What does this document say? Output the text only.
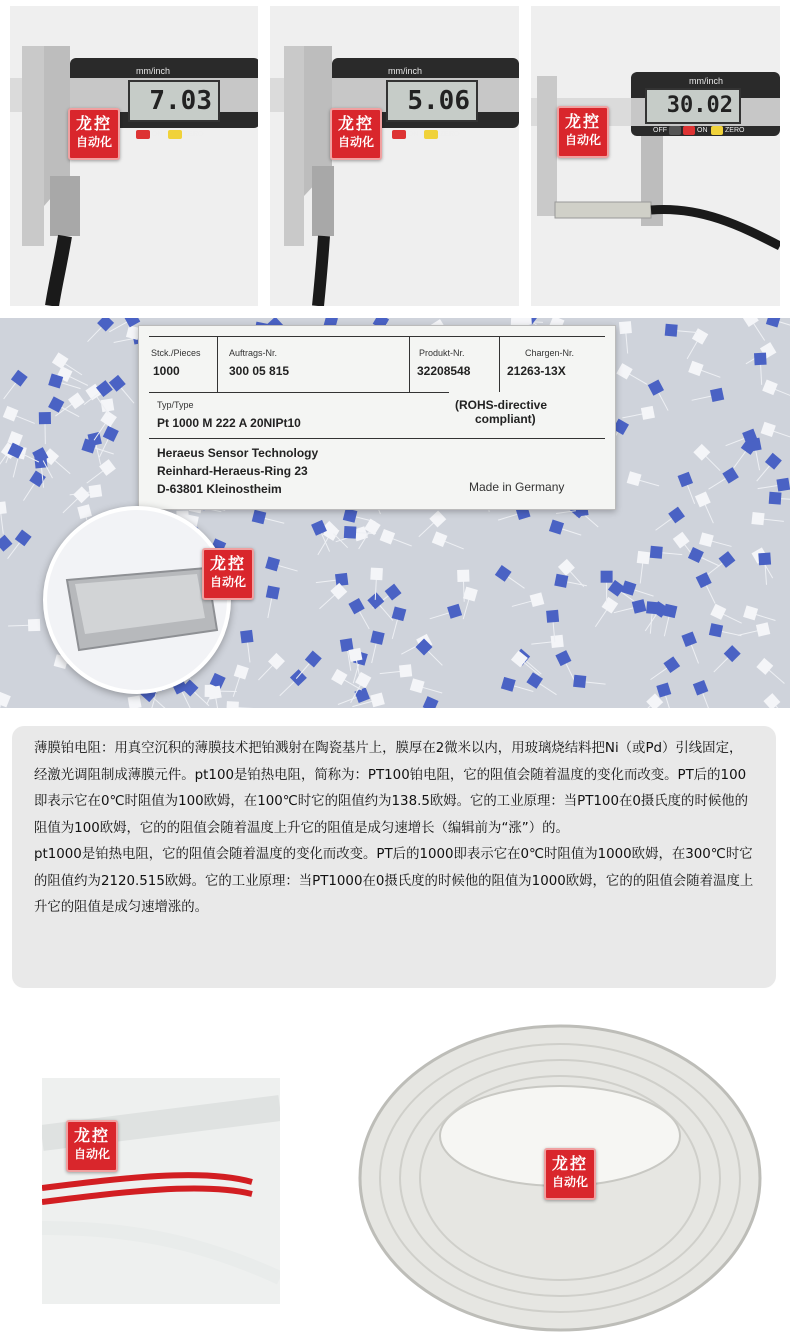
7.03
mm/inch
ON	ZERO
龙控
自动化
5.06
mm/inch
ON	ZERO
龙控
自动化
30.02
mm/inch
OFF	ON	ZERO
龙控
自动化
Stck./Pieces	Auftrags-Nr.	Produkt-Nr.	Chargen-Nr.
1000	300 05 815	32208548	21263-13X
Typ/Type
Pt 1000 M 222 A 20NIPt10
(ROHS-directive
compliant)
Heraeus Sensor Technology
Reinhard-Heraeus-Ring 23
D-63801 Kleinostheim	Made in Germany
龙控
自动化

薄膜铂电阻：用真空沉积的薄膜技术把铂溅射在陶瓷基片上，膜厚在2微米以内，用玻璃烧结料把Ni（或Pd）引线固定，经激光调阻制成薄膜元件。pt100是铂热电阻，简称为：PT100铂电阻，它的阻值会随着温度的变化而改变。PT后的100即表示它在0℃时阻值为100欧姆，在100℃时它的阻值约为138.5欧姆。它的工业原理：当PT100在0摄氏度的时候他的阻值为100欧姆，它的的阻值会随着温度上升它的阻值是成匀速增长（编辑前为“涨”）的。

pt1000是铂热电阻，它的阻值会随着温度的变化而改变。PT后的1000即表示它在0℃时阻值为1000欧姆，在300℃时它的阻值约为2120.515欧姆。它的工业原理：当PT1000在0摄氏度的时候他的阻值为1000欧姆，它的的阻值会随着温度上升它的阻值是成匀速增涨的。

龙控
自动化	龙控
自动化
